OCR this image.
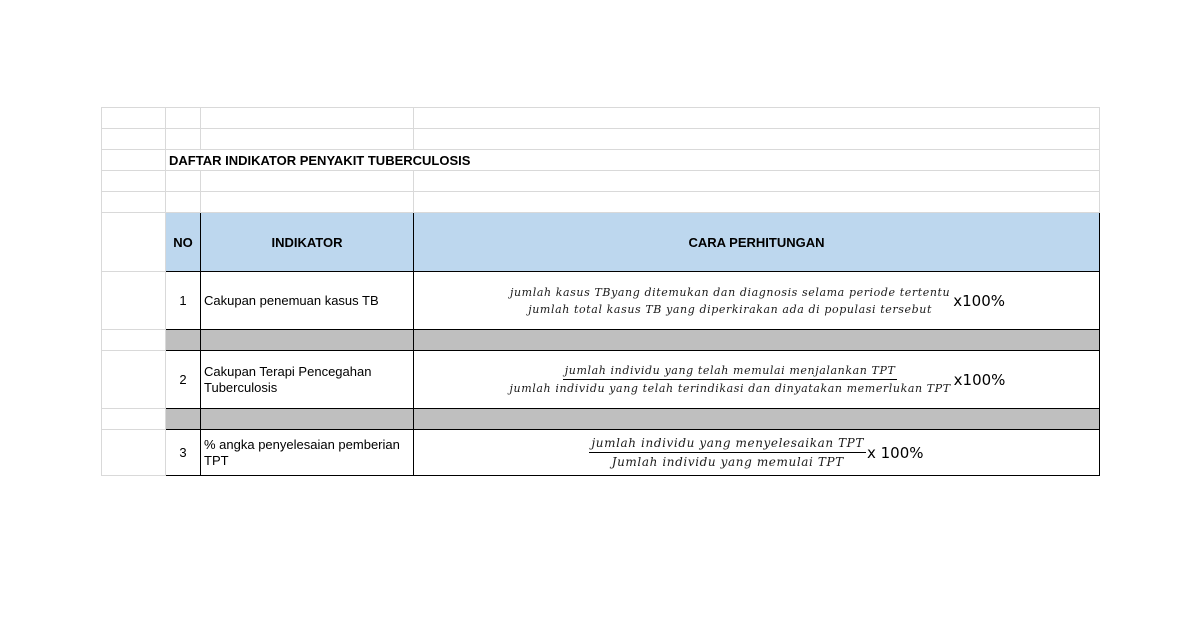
	DAFTAR INDIKATOR PENYAKIT TUBERCULOSIS		

	NO	INDIKATOR	CARA PERHITUNGAN
	1	Cakupan penemuan kasus TB	jumlah kasus TByang ditemukan dan diagnosis selama periode tertentu
jumlah total kasus TB yang diperkirakan ada di populasi tersebut x100%

	2	Cakupan Terapi Pencegahan Tuberculosis	jumlah individu yang telah memulai menjalankan TPT
jumlah individu yang telah terindikasi dan dinyatakan memerlukan TPT x100%

	3	% angka penyelesaian pemberian TPT	$\frac{\text{jumlah individu yang menyelesaikan TPT}}{\text{Jumlah individu yang memulai TPT}}$ x 100%
